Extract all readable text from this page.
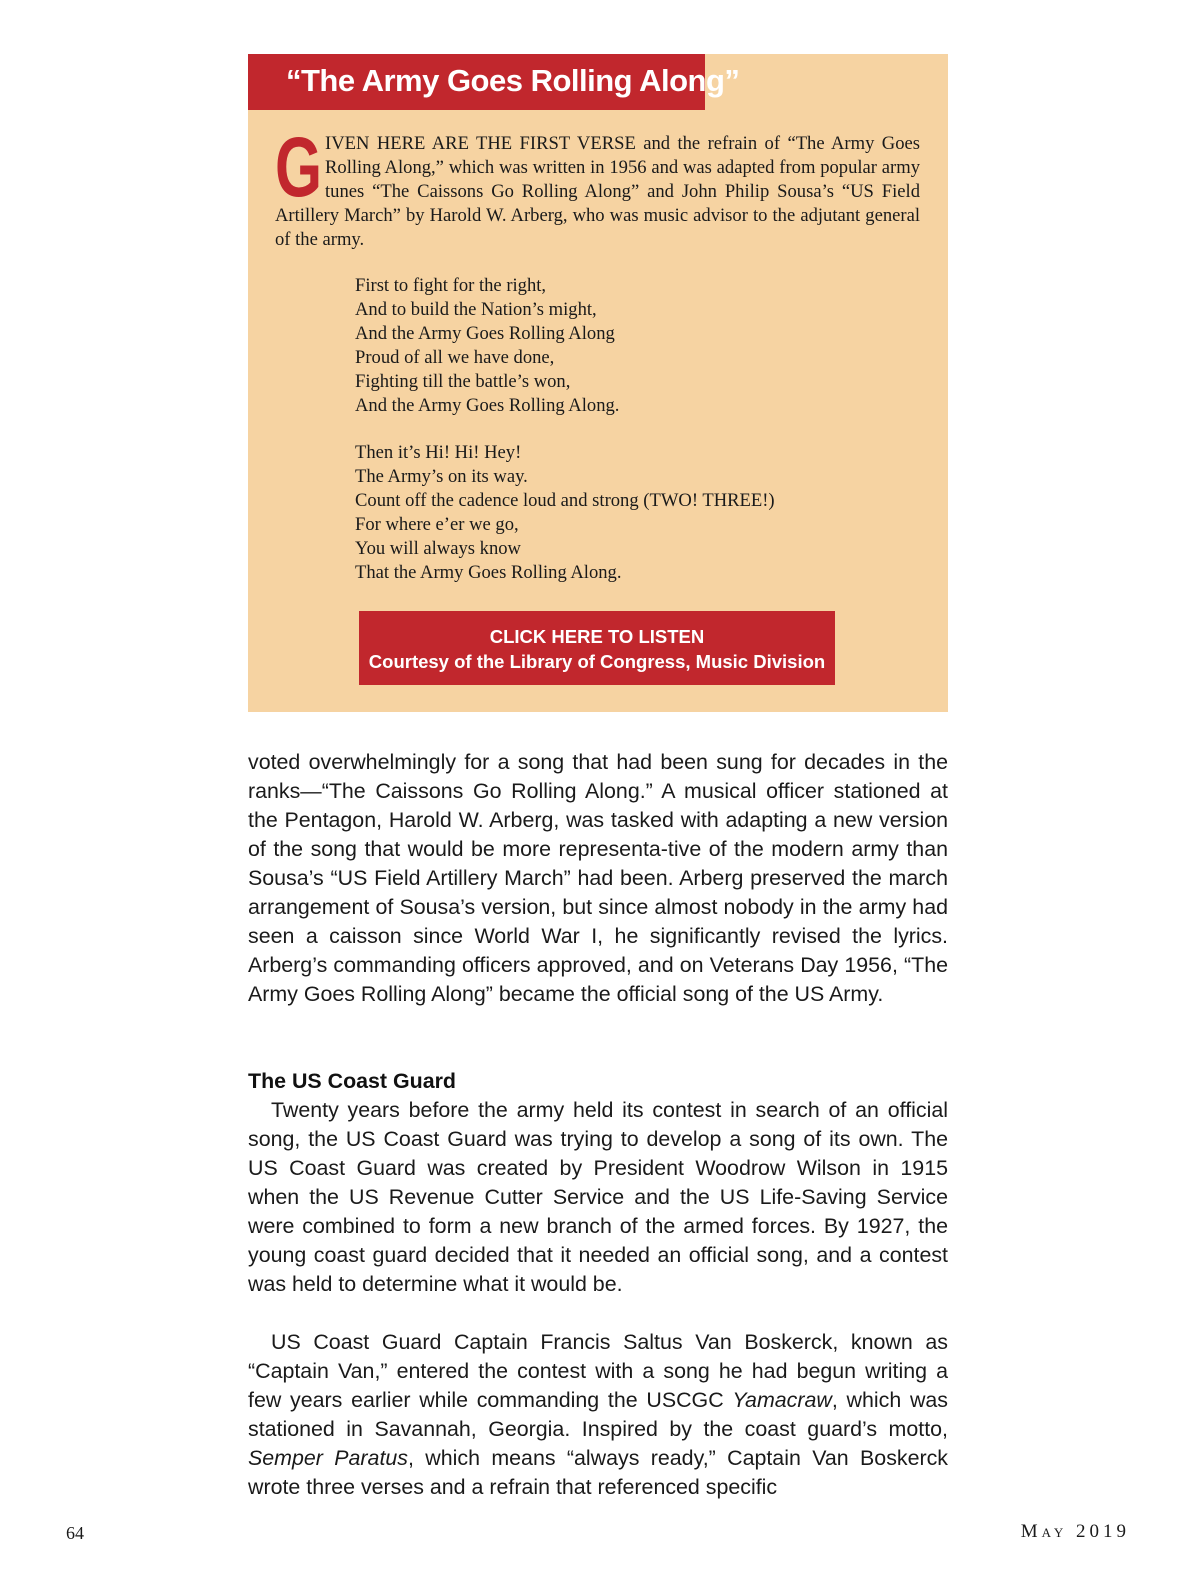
“The Army Goes Rolling Along”

GIVEN HERE ARE THE FIRST VERSE and the refrain of “The Army Goes Rolling Along,” which was written in 1956 and was adapted from popular army tunes “The Caissons Go Rolling Along” and John Philip Sousa’s “US Field Artillery March” by Harold W. Arberg, who was music advisor to the adjutant general of the army.

First to fight for the right,
And to build the Nation’s might,
And the Army Goes Rolling Along
Proud of all we have done,
Fighting till the battle’s won,
And the Army Goes Rolling Along.
Then it’s Hi! Hi! Hey!
The Army’s on its way.
Count off the cadence loud and strong (TWO! THREE!)
For where e’er we go,
You will always know
That the Army Goes Rolling Along.
CLICK HERE TO LISTEN
Courtesy of the Library of Congress, Music Division

voted overwhelmingly for a song that had been sung for decades in the ranks—“The Caissons Go Rolling Along.” A musical officer stationed at the Pentagon, Harold W. Arberg, was tasked with adapting a new version of the song that would be more representa-tive of the modern army than Sousa’s “US Field Artillery March” had been. Arberg preserved the march arrangement of Sousa’s version, but since almost nobody in the army had seen a caisson since World War I, he significantly revised the lyrics. Arberg’s commanding officers approved, and on Veterans Day 1956, “The Army Goes Rolling Along” became the official song of the US Army.

The US Coast Guard

Twenty years before the army held its contest in search of an official song, the US Coast Guard was trying to develop a song of its own. The US Coast Guard was created by President Woodrow Wilson in 1915 when the US Revenue Cutter Service and the US Life-Saving Service were combined to form a new branch of the armed forces. By 1927, the young coast guard decided that it needed an official song, and a contest was held to determine what it would be.

US Coast Guard Captain Francis Saltus Van Boskerck, known as “Captain Van,” entered the contest with a song he had begun writing a few years earlier while commanding the USCGC Yamacraw, which was stationed in Savannah, Georgia. Inspired by the coast guard’s motto, Semper Paratus, which means “always ready,” Captain Van Boskerck wrote three verses and a refrain that referenced specific

64	May 2019
